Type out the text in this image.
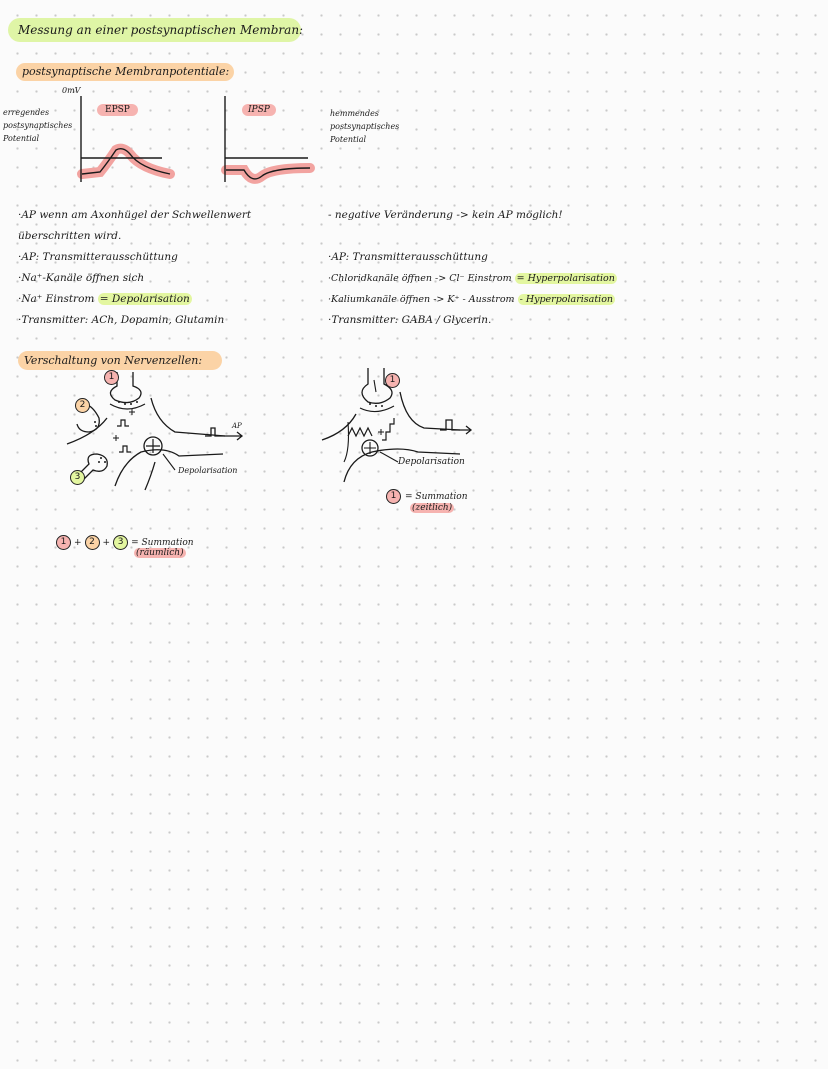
Messung an einer postsynaptischen Membran:
postsynaptische Membranpotentiale:
0mV
erregendes
postsynaptisches
Potential
hemmendes
postsynaptisches
Potential
EPSP	IPSP
·AP wenn am Axonhügel der Schwellenwert
überschritten wird.
·AP: Transmitterausschüttung
·Na⁺-Kanäle öffnen sich
·Na⁺ Einstrom = Depolarisation
·Transmitter: ACh, Dopamin, Glutamin
- negative Veränderung -> kein AP möglich!
·AP: Transmitterausschüttung
·Chloridkanäle öffnen -> Cl⁻ Einstrom = Hyperpolarisation
·Kaliumkanäle öffnen -> K⁺ - Ausstrom - Hyperpolarisation
·Transmitter: GABA / Glycerin.
Verschaltung von Nervenzellen:
2
1
3
AP
Depolarisation
1 + 2 + 3 = Summation
(räumlich)
1
Depolarisation
1 = Summation
(zeitlich)
